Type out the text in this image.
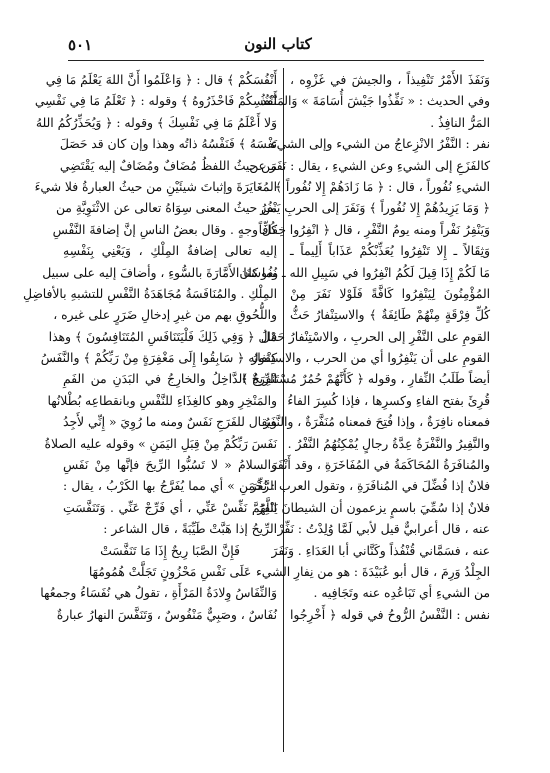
٥٠١	كتاب النون
وَنَفَذَ الأَمْرُ تَنْفِيذاً ، والجيشَ في غَزْوِه ،
وفي الحديث : « نَفِّذُوا جَيْشَ أُسَامَةَ » وَالمَنْفَذُ
المَرُّ النافِذُ .
نفر : النَّفْرُ الانْزِعاجُ من الشيء وإلى الشيء
كالفَزَعِ إلى الشيءِ وعن الشيءِ ، يقال : نَفَرَ عن
الشيءِ نُفُوراً ، قال : ﴿ مَا زَادَهُمْ إِلا نُفُوراً ﴾ ـ
﴿ وَمَا يَزِيدُهُمْ إِلا نُفُوراً ﴾ وَنَفَرَ إلى الحربِ يَنْفُرُ
وَيَنْفِرُ نَفْراً ومنه يومُ النَّفْرِ ، قال ﴿ انْفِرُوا خِفَافاً
وَثِقَالاً ـ إِلا تَنْفِرُوا يُعَذِّبْكُمْ عَذَاباً أَلِيماً ـ
مَا لَكُمْ إِذَا قِيلَ لَكُمُ انْفِرُوا في سَبِيلِ الله ـ وما كان
المُؤْمِنُونَ لِيَنْفِرُوا كَافَّةً فَلَوْلا نَفَرَ مِنْ
كُلِّ فِرْقَةٍ مِنْهُمْ طَائِفَةٌ ﴾ والاستِنْفارُ حَثُّ
القومِ على النَّفْرِ إلى الحربِ ، والاسْتِنْفارُ حَمْلُ
القومِ على أن يَنْفِرُوا أي من الحرب ، والاستِنْفارُ
أيضاً طَلَبُ النِّفارِ ، وقوله ﴿ كَأَنَّهُمْ حُمُرٌ مُسْتَنْفِرَةٌ ﴾
قُرِئَ بفتح الفاءِ وكسرِها ، فإذا كُسِرَ الفاءُ
فمعناه نافِرَةٌ ، وإذا فُتِحَ فمعناه مُنَفَّرَةٌ ، والنَّفَرُ
والنَّفِيرُ والنَّفْرَةُ عِدَّةُ رجالٍ يُمْكِنُهُمُ النَّفْرُ .
والمُنافَرَةُ المُحَاكَمَةُ في المُفَاخَرَةِ ، وقد أَنْفَرَ
فلانٌ إذا فُضِّلَ في المُنافَرَةِ ، وتقول العرب : نُفِّرَ
فلانٌ إذا سُمِّيَ باسمٍ يزعمون أن الشيطانَ يَنْفِرُ
عنه ، قال أعرابيٌّ قيل لأبي لَمَّا وُلِدْتُ : نَفِّرْ
عنه ، فسَمَّاني قُنْفُذاً وكَنَّاني أبا العَدَاءِ . وَنَفَرَ
الجِلْدُ وَرِمَ ، قال أبو عُبَيْدَةَ : هو من نِفارِ الشيء
من الشيءِ أي تَبَاعُدِه عنه وتَجَافِيه .
نفس : النَّفْسُ الرُّوحُ في قوله ﴿ أَخْرِجُوا
أَنْفُسَكُمْ ﴾ قال : ﴿ وَاعْلَمُوا أَنَّ اللهَ يَعْلَمُ مَا فِي
أَنْفُسِكُمْ فَاحْذَرُوهُ ﴾ وقوله : ﴿ تَعْلَمُ مَا فِي نَفْسِي
وَلا أَعْلَمُ مَا فِي نَفْسِكَ ﴾ وقوله : ﴿ وَيُحَذِّرُكُمُ اللهُ
نَفْسَهُ ﴾ فَنَفْسُهُ ذاتُه وهذا وإن كان قد حَصَلَ
من حيثُ اللفظُ مُضَافٌ ومُضَافٌ إليه يَقْتَضِي
المُغَايَرَةَ وإثباتَ شيئَيْنِ من حيثُ العبارةُ فلا شيءَ
من حيثُ المعنى سِوَاهُ تعالى عن الاثْنَوِيَّةِ من
كُلِّ وجهٍ . وقال بعضُ الناسِ إنَّ إضافةَ النَّفْسِ
إليه تعالى إضافةُ المِلْكِ ، وَيَعْنِي بِنَفْسِهِ
نُفُوسَنَا الأَمَّارَةَ بالسُّوءِ ، وأضافَ إليه على سبيل
المِلْكِ . والمُنَافَسَةُ مُجَاهَدَةُ النَّفْسِ للتشبهِ بالأفاضِلِ
واللُّحُوقِ بهم من غيرِ إدخالِ ضَرَرٍ على غيره ،
قال ﴿ وَفِي ذَلِكَ فَلْيَتَنَافَسِ المُتَنَافِسُونَ ﴾ وهذا
كقوله ﴿ سَابِقُوا إِلَى مَغْفِرَةٍ مِنْ رَبِّكُمْ ﴾ والنَّفَسُ
الرِّيحُ الدَّاخِلُ والخارِجُ في البَدَنِ من الفَمِ
والمَنْخِرِ وهو كالغِذَاءِ للنَّفْسِ وبانقطاعِه بُطْلانُها
ويقال للفَرَجِ نَفَسٌ ومنه ما رُوِيَ « إِنِّي لأَجِدُ
نَفَسَ رَبِّكُمْ مِنْ قِبَلِ اليَمَنِ » وقوله عليه الصلاةُ
والسلامُ « لا تَسُبُّوا الرِّيحَ فإنَّها مِنْ نَفَسِ
الرَّحْمَنِ » أي مما يُفَرَّجُ بها الكَرْبُ ، يقال :
اللَّهُمَّ نَفِّسْ عَنِّي ، أي فَرِّجْ عَنِّي . وَتَنَفَّسَتِ
الرِّيحُ إذا هَبَّتْ طَيِّبَةً ، قال الشاعر :
فَإِنَّ الصَّبَا رِيحٌ إِذَا مَا تَنَفَّسَتْ
عَلَى نَفْسِ مَحْزُونٍ تَجَلَّتْ هُمُومُهَا
وَالنِّفَاسُ وِلادَةُ المَرْأَةِ ، تقولُ هي نُفَسَاءُ وجمعُها
نُفَاسٌ ، وصَبِيٌّ مَنْفُوسٌ ، وَتَنَفَّسَ النهارُ عبارةٌ
